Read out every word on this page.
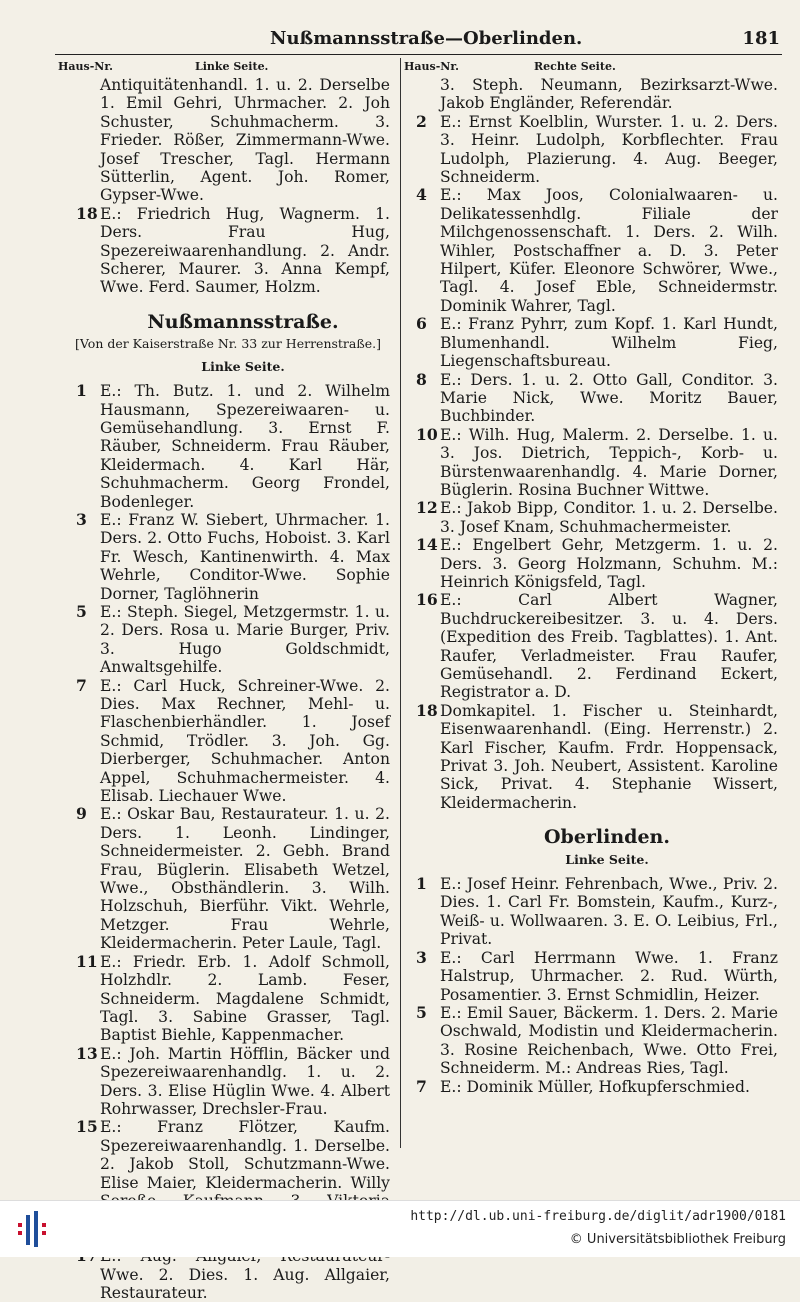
Nußmannsstraße—Oberlinden.	181
Haus-Nr.	Linke Seite.	Haus-Nr.	Rechte Seite.
Antiquitätenhandl. 1. u. 2. Derselbe 1. Emil Gehri, Uhrmacher. 2. Joh Schuster, Schuhmacherm. 3. Frieder. Rößer, Zimmermann-Wwe. Josef Trescher, Tagl. Hermann Sütterlin, Agent. Joh. Romer, Gypser-Wwe.
18 E.: Friedrich Hug, Wagnerm. 1. Ders. Frau Hug, Spezereiwaarenhandlung. 2. Andr. Scherer, Maurer. 3. Anna Kempf, Wwe. Ferd. Saumer, Holzm.
Nußmannsstraße.
[Von der Kaiserstraße Nr. 33 zur Herrenstraße.]
Linke Seite.
1 E.: Th. Butz. 1. und 2. Wilhelm Hausmann, Spezereiwaaren- u. Gemüsehandlung. 3. Ernst F. Räuber, Schneiderm. Frau Räuber, Kleidermach. 4. Karl Här, Schuhmacherm. Georg Frondel, Bodenleger.
3 E.: Franz W. Siebert, Uhrmacher. 1. Ders. 2. Otto Fuchs, Hoboist. 3. Karl Fr. Wesch, Kantinenwirth. 4. Max Wehrle, Conditor-Wwe. Sophie Dorner, Taglöhnerin
5 E.: Steph. Siegel, Metzgermstr. 1. u. 2. Ders. Rosa u. Marie Burger, Priv. 3. Hugo Goldschmidt, Anwaltsgehilfe.
7 E.: Carl Huck, Schreiner-Wwe. 2. Dies. Max Rechner, Mehl- u. Flaschenbierhändler. 1. Josef Schmid, Trödler. 3. Joh. Gg. Dierberger, Schuhmacher. Anton Appel, Schuhmachermeister. 4. Elisab. Liechauer Wwe.
9 E.: Oskar Bau, Restaurateur. 1. u. 2. Ders. 1. Leonh. Lindinger, Schneidermeister. 2. Gebh. Brand Frau, Büglerin. Elisabeth Wetzel, Wwe., Obsthändlerin. 3. Wilh. Holzschuh, Bierführ. Vikt. Wehrle, Metzger. Frau Wehrle, Kleidermacherin. Peter Laule, Tagl.
11 E.: Friedr. Erb. 1. Adolf Schmoll, Holzhdlr. 2. Lamb. Feser, Schneiderm. Magdalene Schmidt, Tagl. 3. Sabine Grasser, Tagl. Baptist Biehle, Kappenmacher.
13 E.: Joh. Martin Höfflin, Bäcker und Spezereiwaarenhandlg. 1. u. 2. Ders. 3. Elise Hüglin Wwe. 4. Albert Rohrwasser, Drechsler-Frau.
15 E.: Franz Flötzer, Kaufm. Spezereiwaarenhandlg. 1. Derselbe. 2. Jakob Stoll, Schutzmann-Wwe. Elise Maier, Kleidermacherin. Willy
Wwe. 2. Dies. 1. Aug. Allgaier, Restaurateur.
3. Steph. Neumann, Bezirksarzt-Wwe. Jakob Engländer, Referendär.
2 E.: Ernst Koelblin, Wurster. 1. u. 2. Ders. 3. Heinr. Ludolph, Korbflechter. Frau Ludolph, Plazierung. 4. Aug. Beeger, Schneiderm.
4 E.: Max Joos, Colonialwaaren- u. Delikatessenhdlg. Filiale der Milchgenossenschaft. 1. Ders. 2. Wilh. Wihler, Postschaffner a. D. 3. Peter Hilpert, Küfer. Eleonore Schwörer, Wwe., Tagl. 4. Josef Eble, Schneidermstr. Dominik Wahrer, Tagl.
6 E.: Franz Pyhrr, zum Kopf. 1. Karl Hundt, Blumenhandl. Wilhelm Fieg, Liegenschaftsbureau.
8 E.: Ders. 1. u. 2. Otto Gall, Conditor. 3. Marie Nick, Wwe. Moritz Bauer, Buchbinder.
10 E.: Wilh. Hug, Malerm. 2. Derselbe. 1. u. 3. Jos. Dietrich, Teppich-, Korb- u. Bürstenwaarenhandlg. 4. Marie Dorner, Büglerin. Rosina Buchner Wittwe.
12 E.: Jakob Bipp, Conditor. 1. u. 2. Derselbe. 3. Josef Knam, Schuhmachermeister.
14 E.: Engelbert Gehr, Metzgerm. 1. u. 2. Ders. 3. Georg Holzmann, Schuhm. M.: Heinrich Königsfeld, Tagl.
16 E.: Carl Albert Wagner, Buchdruckereibesitzer. 3. u. 4. Ders. (Expedition des Freib. Tagblattes). 1. Ant. Raufer, Verladmeister. Frau Raufer, Gemüsehandl. 2. Ferdinand Eckert, Registrator a. D.
18 Domkapitel. 1. Fischer u. Steinhardt, Eisenwaarenhandl. (Eing. Herrenstr.) 2. Karl Fischer, Kaufm. Frdr. Hoppensack, Privat 3. Joh. Neubert, Assistent. Karoline Sick, Privat. 4. Stephanie Wissert, Kleidermacherin.
Oberlinden.
Linke Seite.
1 E.: Josef Heinr. Fehrenbach, Wwe., Priv. 2. Dies. 1. Carl Fr. Bomstein, Kaufm., Kurz-, Weiß- u. Wollwaaren. 3. E. O. Leibius, Frl., Privat.
3 E.: Carl Herrmann Wwe. 1. Franz Halstrup, Uhrmacher. 2. Rud. Würth, Posamentier. 3. Ernst Schmidlin, Heizer.
5 E.: Emil Sauer, Bäckerm. 1. Ders. 2. Marie Oschwald, Modistin und Kleidermacherin. 3. Rosine Reichenbach, Wwe. Otto Frei, Schneiderm. M.: Andreas Ries, Tagl.
7 E.: Dominik Müller, Hofkupferschmied.
http://dl.ub.uni-freiburg.de/diglit/adr1900/0181
© Universitätsbibliothek Freiburg
